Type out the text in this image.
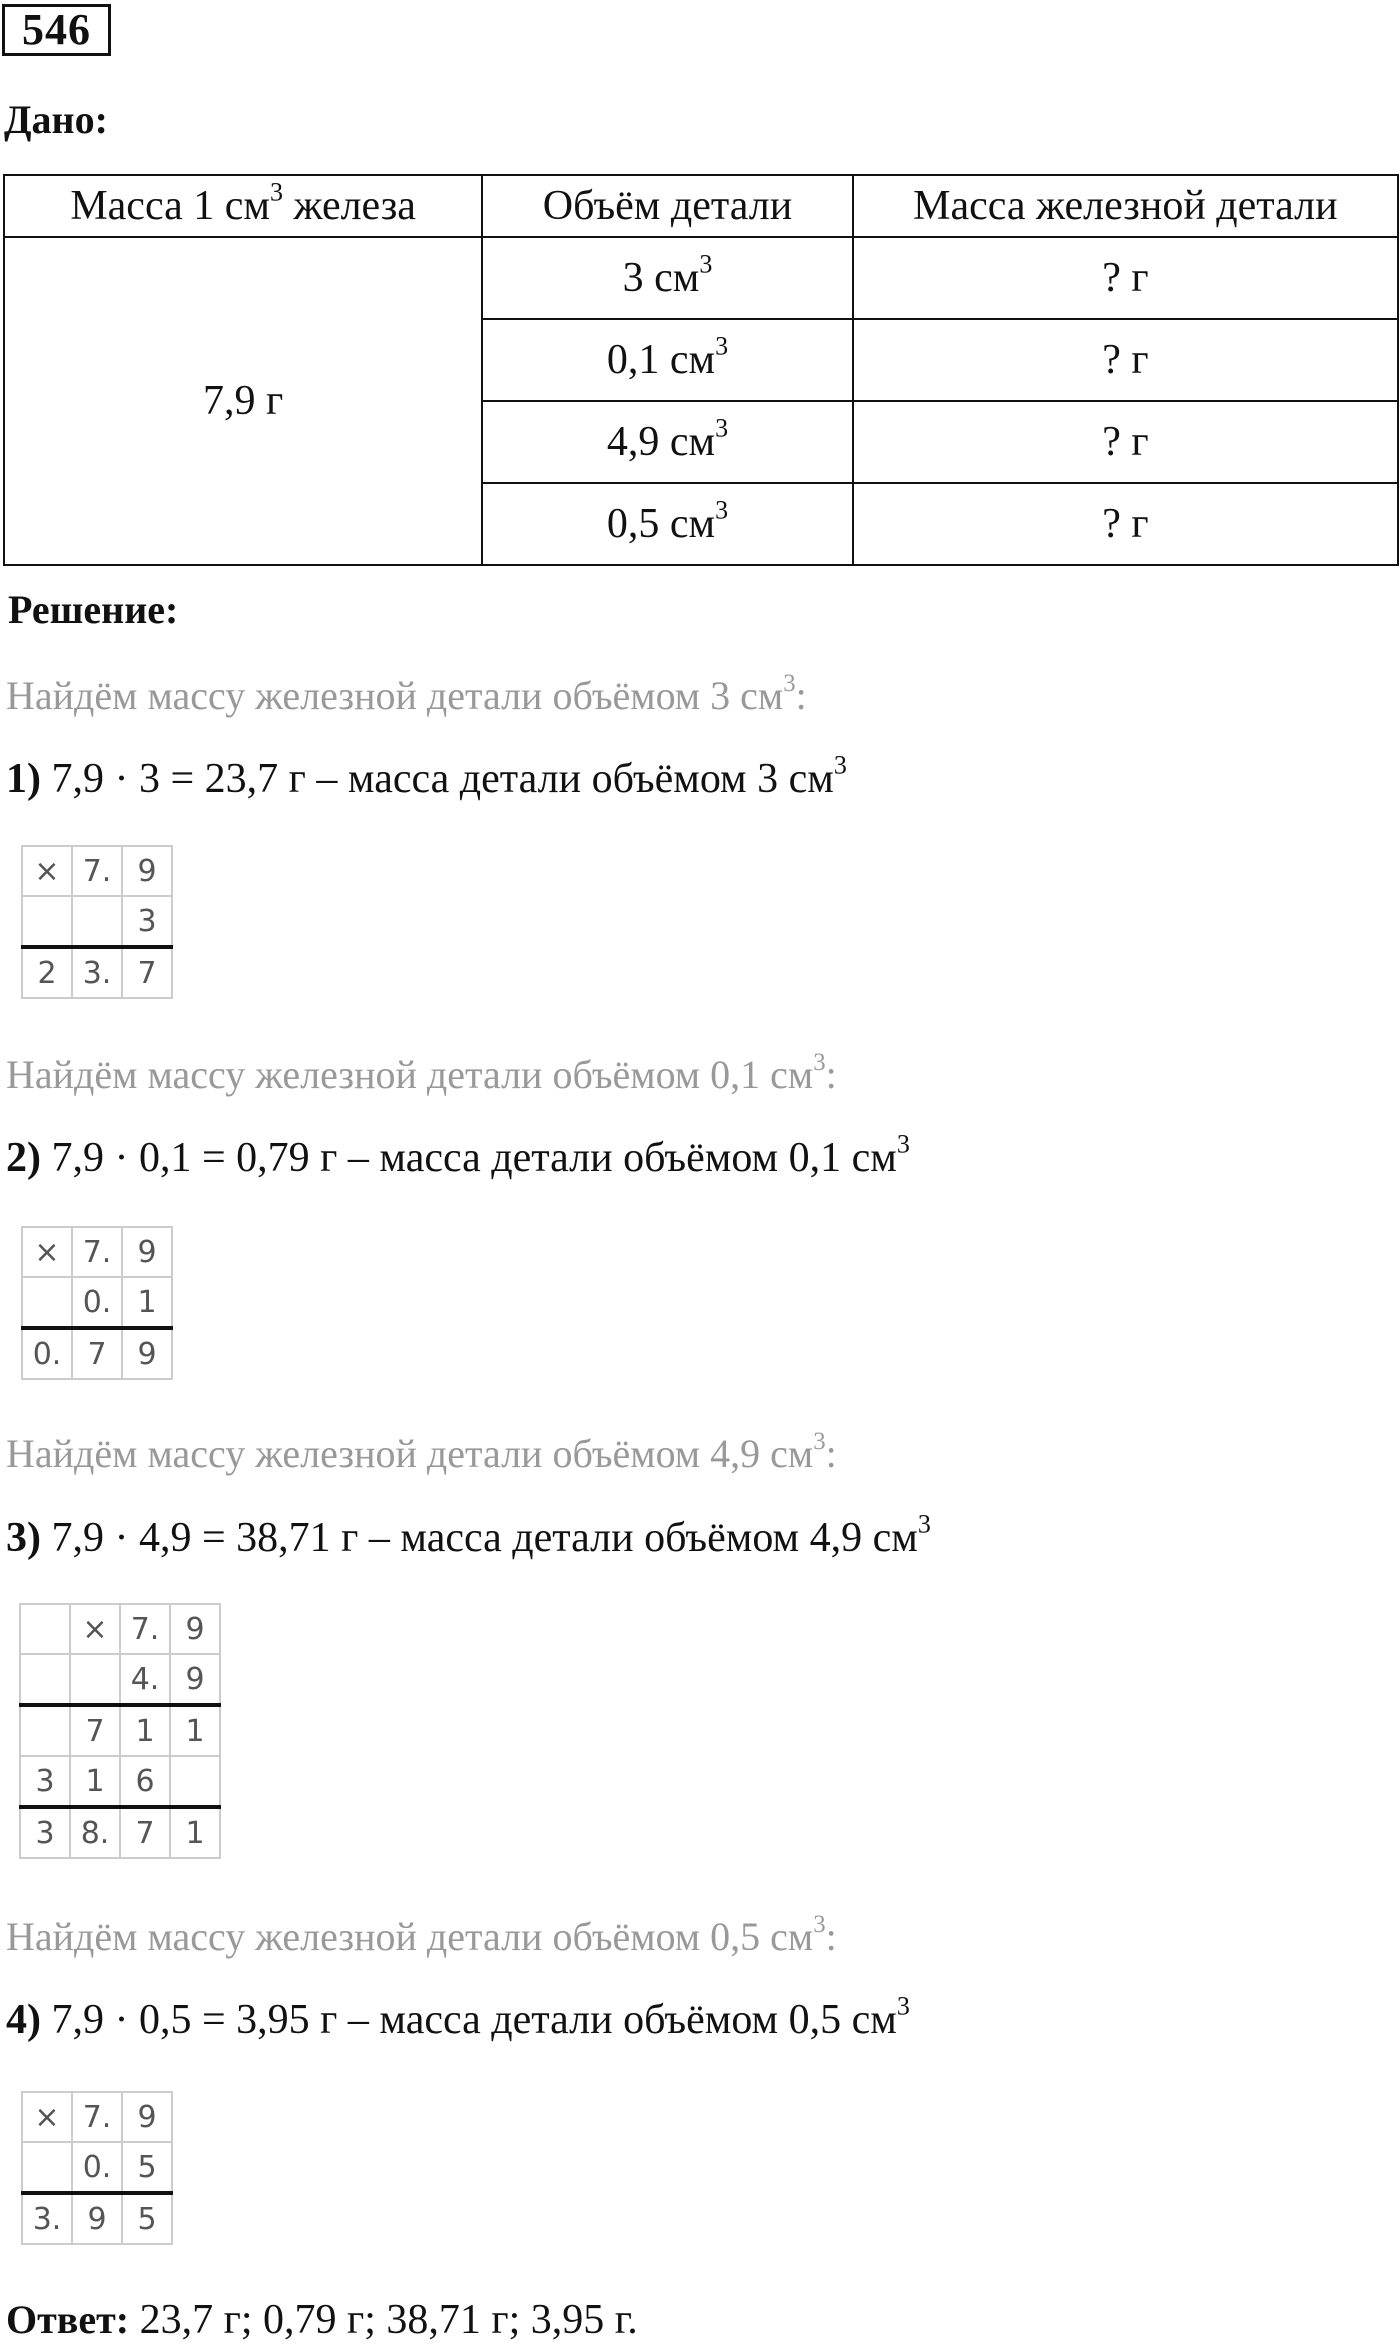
546
Дано:
Масса 1 $см^3$ железа	Объём детали	Масса железной детали
7,9 г	3 $см^3$	? г
	0,1 $см^3$	? г
	4,9 $см^3$	? г
	0,5 $см^3$	? г
Решение:
Найдём массу железной детали объёмом 3 $см^3$:
1) 7,9 · 3 = 23,7 г – масса детали объёмом 3 $см^3$
×	7.	9
		3
2	3.	7
Найдём массу железной детали объёмом 0,1 $см^3$:
2) 7,9 · 0,1 = 0,79 г – масса детали объёмом 0,1 $см^3$
×	7.	9
	0.	1
0.	7	9
Найдём массу железной детали объёмом 4,9 $см^3$:
3) 7,9 · 4,9 = 38,71 г – масса детали объёмом 4,9 $см^3$
	×	7.	9
		4.	9
	7	1	1
3	1	6	
3	8.	7	1
Найдём массу железной детали объёмом 0,5 $см^3$:
4) 7,9 · 0,5 = 3,95 г – масса детали объёмом 0,5 $см^3$
×	7.	9
	0.	5
3.	9	5
Ответ: 23,7 г; 0,79 г; 38,71 г; 3,95 г.
